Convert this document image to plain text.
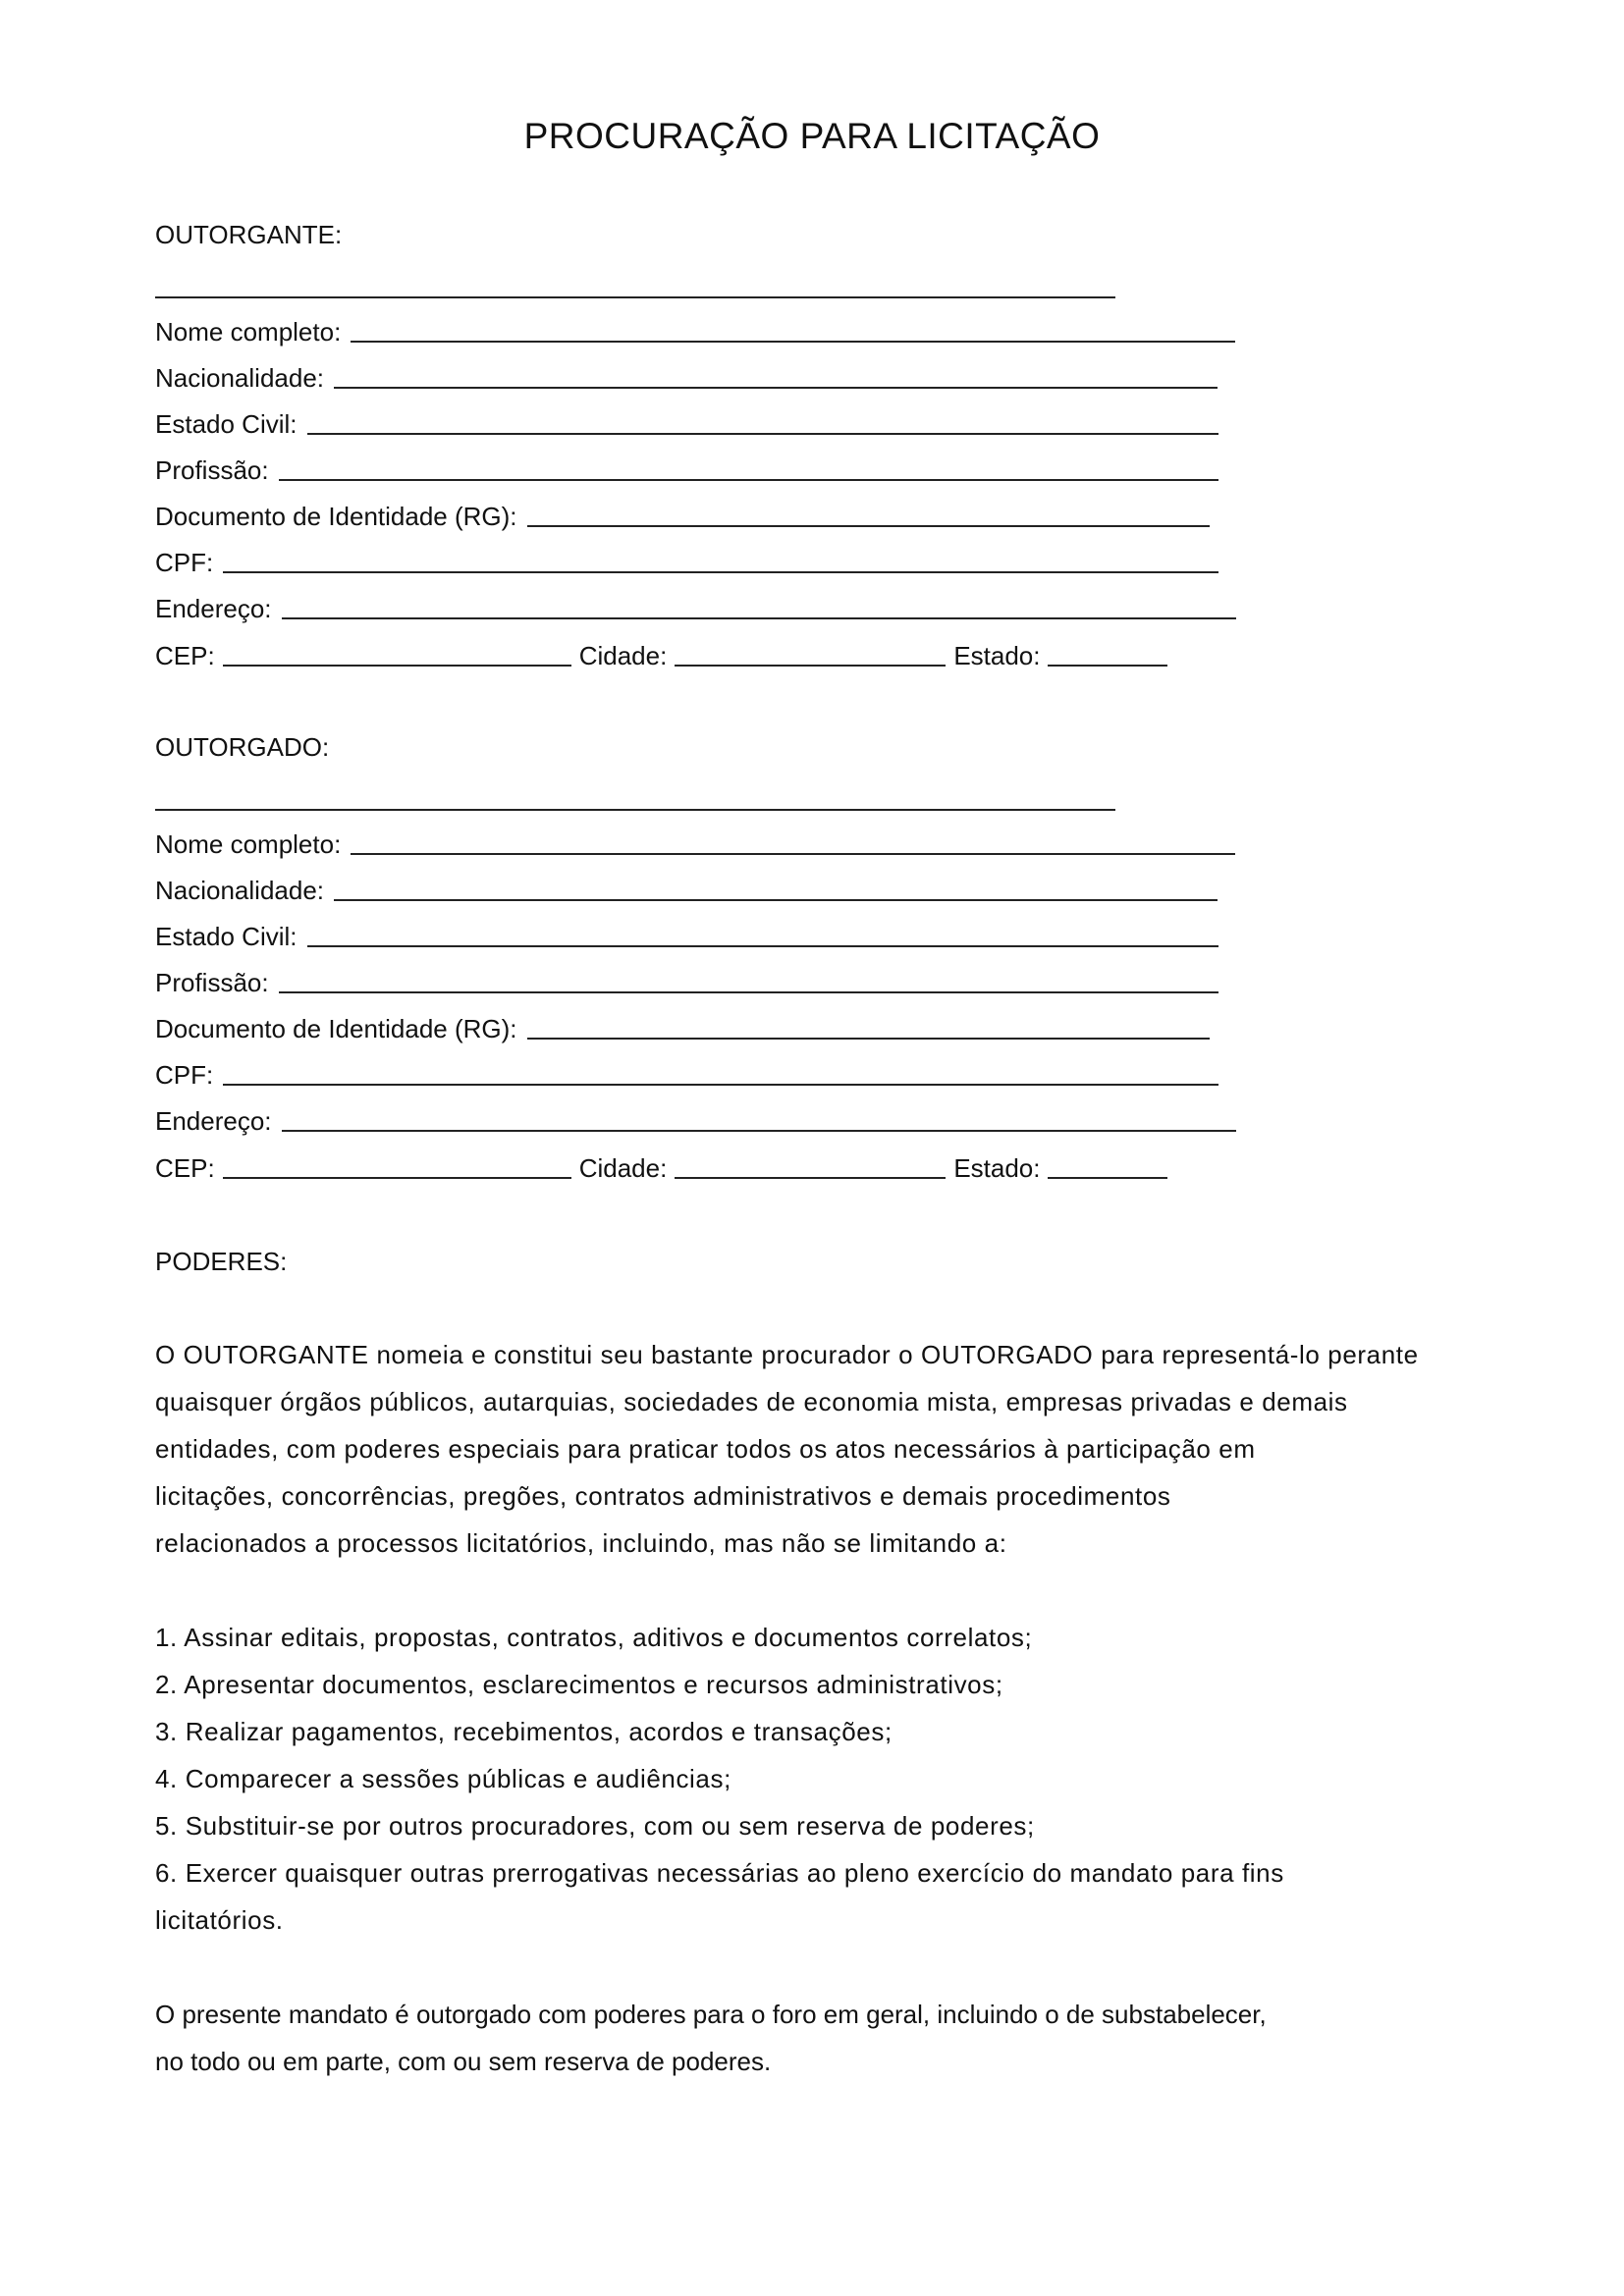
PROCURAÇÃO PARA LICITAÇÃO
OUTORGANTE:
Nome completo:
Nacionalidade:
Estado Civil:
Profissão:
Documento de Identidade (RG):
CPF:
Endereço:
CEP:	Cidade:	Estado:
OUTORGADO:
Nome completo:
Nacionalidade:
Estado Civil:
Profissão:
Documento de Identidade (RG):
CPF:
Endereço:
CEP:	Cidade:	Estado:
PODERES:
O OUTORGANTE nomeia e constitui seu bastante procurador o OUTORGADO para representá-lo perante
quaisquer órgãos públicos, autarquias, sociedades de economia mista, empresas privadas e demais
entidades, com poderes especiais para praticar todos os atos necessários à participação em
licitações, concorrências, pregões, contratos administrativos e demais procedimentos
relacionados a processos licitatórios, incluindo, mas não se limitando a:
1. Assinar editais, propostas, contratos, aditivos e documentos correlatos;
2. Apresentar documentos, esclarecimentos e recursos administrativos;
3. Realizar pagamentos, recebimentos, acordos e transações;
4. Comparecer a sessões públicas e audiências;
5. Substituir-se por outros procuradores, com ou sem reserva de poderes;
6. Exercer quaisquer outras prerrogativas necessárias ao pleno exercício do mandato para fins
licitatórios.
O presente mandato é outorgado com poderes para o foro em geral, incluindo o de substabelecer,
no todo ou em parte, com ou sem reserva de poderes.
